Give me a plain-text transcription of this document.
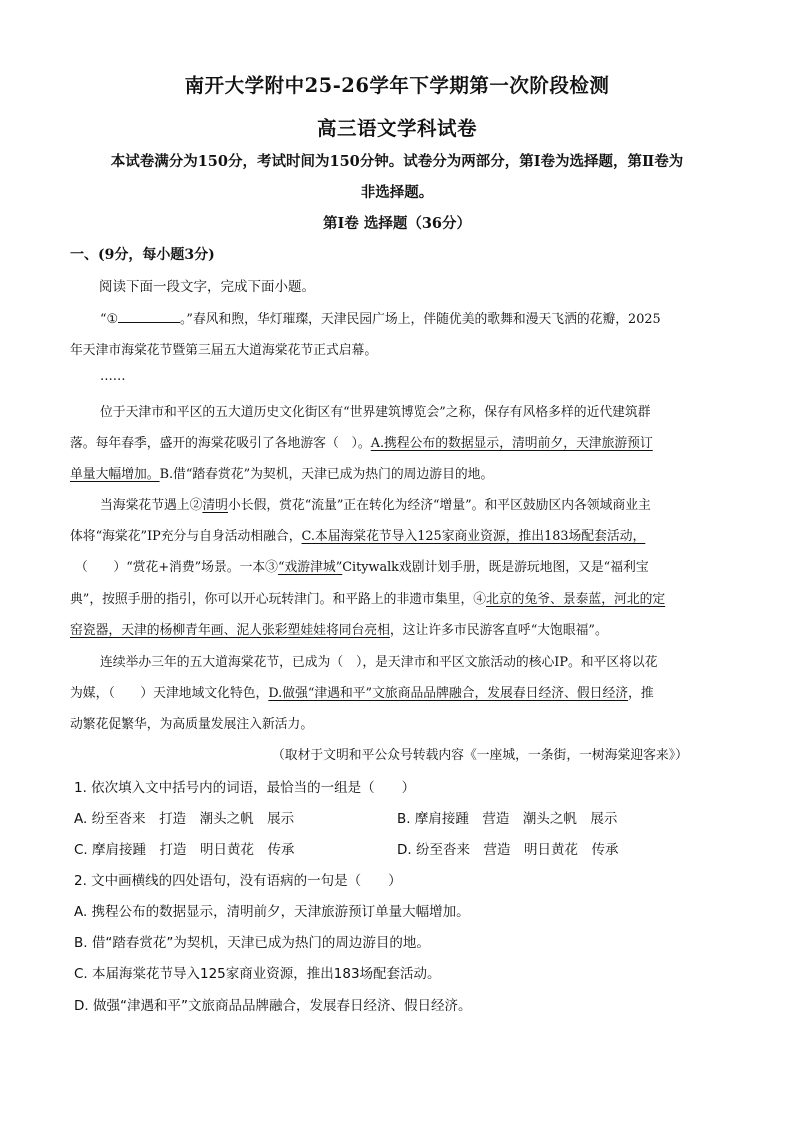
南开大学附中25-26学年下学期第一次阶段检测
高三语文学科试卷
本试卷满分为150分，考试时间为150分钟。试卷分为两部分，第Ⅰ卷为选择题，第Ⅱ卷为
非选择题。
第Ⅰ卷 选择题（36分）
一、(9分，每小题3分)
阅读下面一段文字，完成下面小题。
“①	。”春风和煦，华灯璀璨，天津民园广场上，伴随优美的歌舞和漫天飞洒的花瓣，2025
年天津市海棠花节暨第三届五大道海棠花节正式启幕。
……
位于天津市和平区的五大道历史文化街区有“世界建筑博览会”之称，保存有风格多样的近代建筑群
落。每年春季，盛开的海棠花吸引了各地游客（　）。A.携程公布的数据显示，清明前夕，天津旅游预订
单量大幅增加。B.借“踏春赏花”为契机，天津已成为热门的周边游目的地。
当海棠花节遇上②清明小长假，赏花“流量”正在转化为经济“增量”。和平区鼓励区内各领域商业主
体将“海棠花”IP充分与自身活动相融合，C.本届海棠花节导入125家商业资源，推出183场配套活动，
（　　）“赏花+消费”场景。一本③“戏游津城”Citywalk戏剧计划手册，既是游玩地图，又是“福利宝
典”，按照手册的指引，你可以开心玩转津门。和平路上的非遗市集里，④北京的兔爷、景泰蓝，河北的定
窑瓷器，天津的杨柳青年画、泥人张彩塑娃娃将同台亮相，这让许多市民游客直呼“大饱眼福”。
连续举办三年的五大道海棠花节，已成为（　），是天津市和平区文旅活动的核心IP。和平区将以花
为媒，（　　）天津地域文化特色，D.做强“津遇和平”文旅商品品牌融合，发展春日经济、假日经济，推
动繁花促繁华，为高质量发展注入新活力。
（取材于文明和平公众号转载内容《一座城，一条街，一树海棠迎客来》）
1. 依次填入文中括号内的词语，最恰当的一组是（　　）
A. 纷至沓来　打造　潮头之帆　展示	B. 摩肩接踵　营造　潮头之帆　展示
C. 摩肩接踵　打造　明日黄花　传承	D. 纷至沓来　营造　明日黄花　传承
2. 文中画横线的四处语句，没有语病的一句是（　　）
A. 携程公布的数据显示，清明前夕，天津旅游预订单量大幅增加。
B. 借“踏春赏花”为契机，天津已成为热门的周边游目的地。
C. 本届海棠花节导入125家商业资源，推出183场配套活动。
D. 做强“津遇和平”文旅商品品牌融合，发展春日经济、假日经济。
